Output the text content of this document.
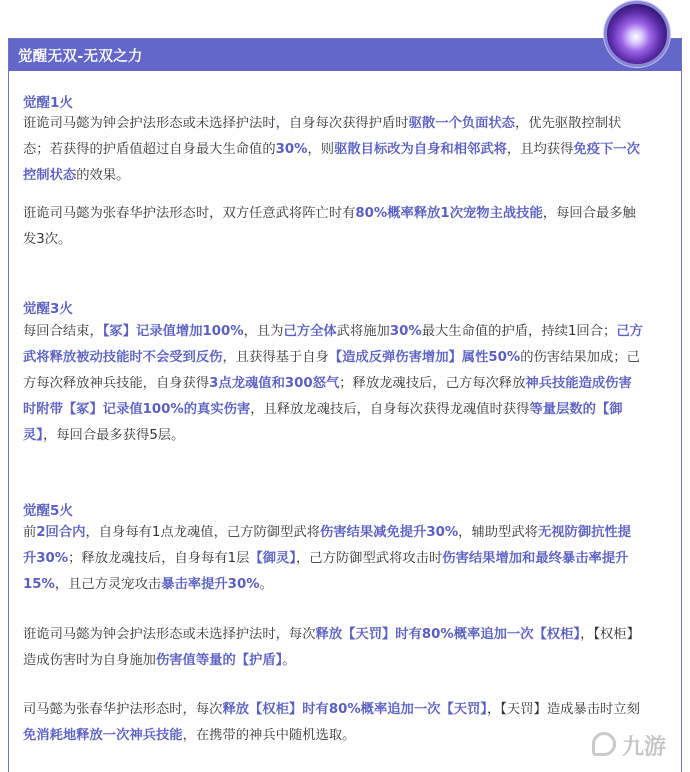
觉醒无双-无双之力
觉醒1火

诳诡司马懿为钟会护法形态或未选择护法时，自身每次获得护盾时驱散一个负面状态，优先驱散控制状态；若获得的护盾值超过自身最大生命值的30%，则驱散目标改为自身和相邻武将，且均获得免疫下一次控制状态的效果。

诳诡司马懿为张春华护法形态时，双方任意武将阵亡时有80%概率释放1次宠物主战技能，每回合最多触发3次。

觉醒3火

每回合结束，【冢】记录值增加100%，且为己方全体武将施加30%最大生命值的护盾，持续1回合；己方武将释放被动技能时不会受到反伤，且获得基于自身【造成反弹伤害增加】属性50%的伤害结果加成；己方每次释放神兵技能，自身获得3点龙魂值和300怒气；释放龙魂技后，己方每次释放神兵技能造成伤害时附带【冢】记录值100%的真实伤害，且释放龙魂技后，自身每次获得龙魂值时获得等量层数的【御灵】，每回合最多获得5层。

觉醒5火

前2回合内，自身每有1点龙魂值，己方防御型武将伤害结果减免提升30%，辅助型武将无视防御抗性提升30%；释放龙魂技后，自身每有1层【御灵】，己方防御型武将攻击时伤害结果增加和最终暴击率提升15%，且己方灵宠攻击暴击率提升30%。

诳诡司马懿为钟会护法形态或未选择护法时，每次释放【天罚】时有80%概率追加一次【权柜】，【权柜】造成伤害时为自身施加伤害值等量的【护盾】。

司马懿为张春华护法形态时，每次释放【权柜】时有80%概率追加一次【天罚】，【天罚】造成暴击时立刻免消耗地释放一次神兵技能，在携带的神兵中随机选取。	九游
